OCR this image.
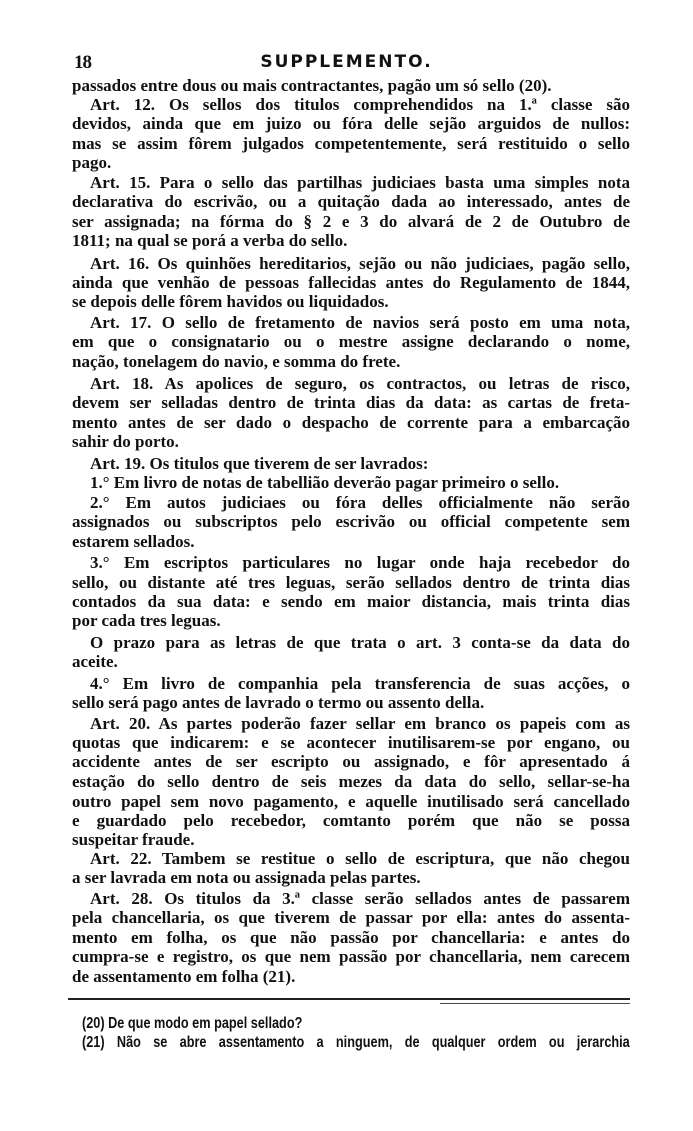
18	SUPPLEMENTO.
passados entre dous ou mais contractantes, pagão um só sello (20).
Art. 12. Os sellos dos titulos comprehendidos na 1.ª classe são
devidos, ainda que em juizo ou fóra delle sejão arguidos de nullos:
mas se assim fôrem julgados competentemente, será restituido o sello
pago.
Art. 15. Para o sello das partilhas judiciaes basta uma simples nota
declarativa do escrivão, ou a quitação dada ao interessado, antes de
ser assignada; na fórma do § 2 e 3 do alvará de 2 de Outubro de
1811; na qual se porá a verba do sello.
Art. 16. Os quinhões hereditarios, sejão ou não judiciaes, pagão sello,
ainda que venhão de pessoas fallecidas antes do Regulamento de 1844,
se depois delle fôrem havidos ou liquidados.
Art. 17. O sello de fretamento de navios será posto em uma nota,
em que o consignatario ou o mestre assigne declarando o nome,
nação, tonelagem do navio, e somma do frete.
Art. 18. As apolices de seguro, os contractos, ou letras de risco,
devem ser selladas dentro de trinta dias da data: as cartas de freta-
mento antes de ser dado o despacho de corrente para a embarcação
sahir do porto.
Art. 19. Os titulos que tiverem de ser lavrados:
1.° Em livro de notas de tabellião deverão pagar primeiro o sello.
2.° Em autos judiciaes ou fóra delles officialmente não serão
assignados ou subscriptos pelo escrivão ou official competente sem
estarem sellados.
3.° Em escriptos particulares no lugar onde haja recebedor do
sello, ou distante até tres leguas, serão sellados dentro de trinta dias
contados da sua data: e sendo em maior distancia, mais trinta dias
por cada tres leguas.
O prazo para as letras de que trata o art. 3 conta-se da data do
aceite.
4.° Em livro de companhia pela transferencia de suas acções, o
sello será pago antes de lavrado o termo ou assento della.
Art. 20. As partes poderão fazer sellar em branco os papeis com as
quotas que indicarem: e se acontecer inutilisarem-se por engano, ou
accidente antes de ser escripto ou assignado, e fôr apresentado á
estação do sello dentro de seis mezes da data do sello, sellar-se-ha
outro papel sem novo pagamento, e aquelle inutilisado será cancellado
e guardado pelo recebedor, comtanto porém que não se possa
suspeitar fraude.
Art. 22. Tambem se restitue o sello de escriptura, que não chegou
a ser lavrada em nota ou assignada pelas partes.
Art. 28. Os titulos da 3.ª classe serão sellados antes de passarem
pela chancellaria, os que tiverem de passar por ella: antes do assenta-
mento em folha, os que não passão por chancellaria: e antes do
cumpra-se e registro, os que nem passão por chancellaria, nem carecem
de assentamento em folha (21).
(20) De que modo em papel sellado?
(21) Não se abre assentamento a ninguem, de qualquer ordem ou jerarchia
